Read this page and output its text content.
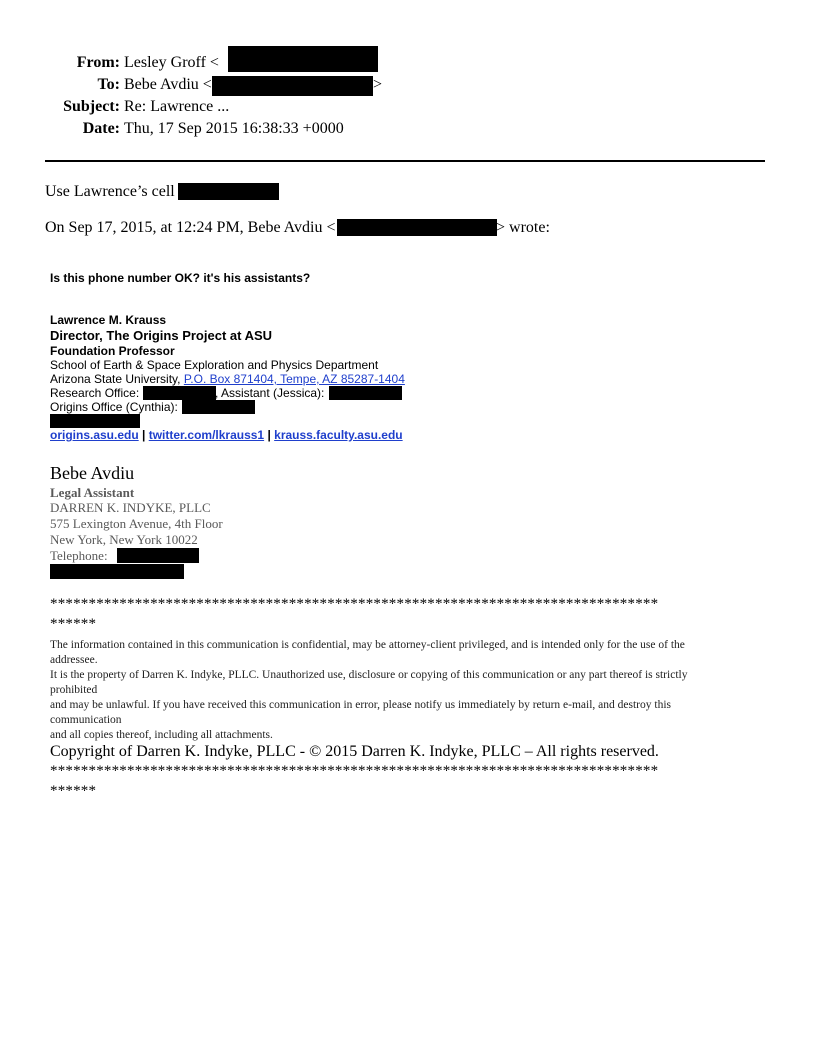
From: Lesley Groff <
To: Bebe Avdiu <	>
Subject: Re: Lawrence ...
Date: Thu, 17 Sep 2015 16:38:33 +0000
Use Lawrence’s cell
On Sep 17, 2015, at 12:24 PM, Bebe Avdiu <	> wrote:
Is this phone number OK? it's his assistants?
Lawrence M. Krauss
Director, The Origins Project at ASU
Foundation Professor
School of Earth & Space Exploration and Physics Department
Arizona State University, P.O. Box 871404, Tempe, AZ 85287-1404
Research Office:	, Assistant (Jessica):
Origins Office (Cynthia):
origins.asu.edu | twitter.com/lkrauss1 | krauss.faculty.asu.edu
Bebe Avdiu
Legal Assistant
DARREN K. INDYKE, PLLC
575 Lexington Avenue, 4th Floor
New York, New York 10022
Telephone:
*******************************************************************************
******
The information contained in this communication is confidential, may be attorney-client privileged, and is intended only for the use of the
addressee.
It is the property of Darren K. Indyke, PLLC. Unauthorized use, disclosure or copying of this communication or any part thereof is strictly
prohibited
and may be unlawful. If you have received this communication in error, please notify us immediately by return e-mail, and destroy this
communication
and all copies thereof, including all attachments.
Copyright of Darren K. Indyke, PLLC - © 2015 Darren K. Indyke, PLLC – All rights reserved.
*******************************************************************************
******
